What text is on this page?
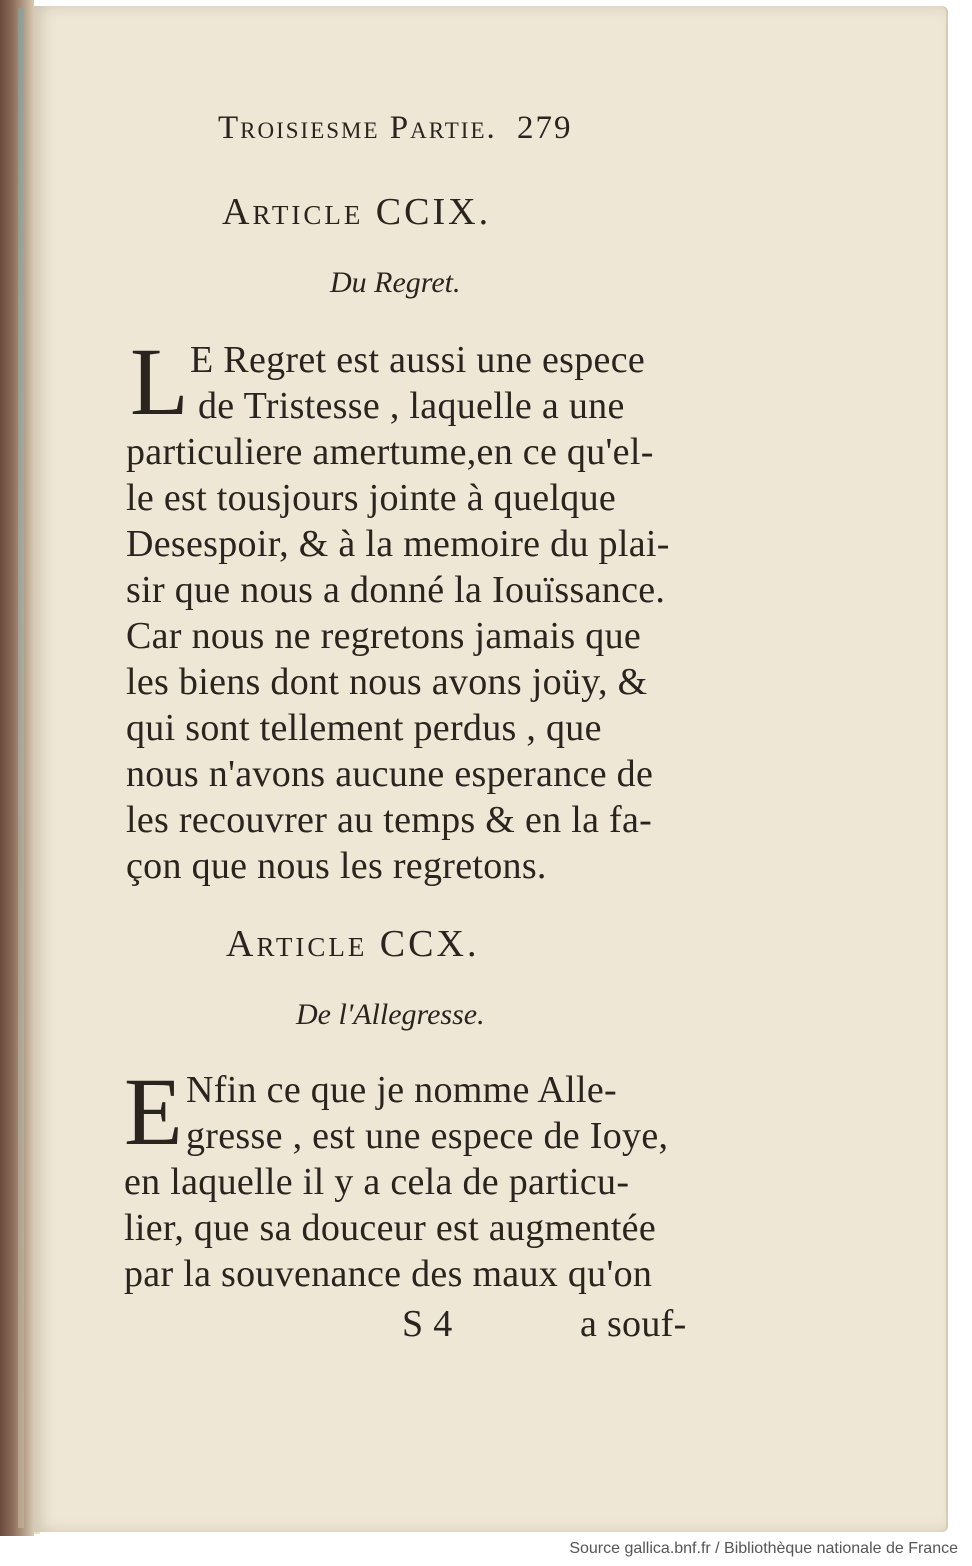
Troisiesme Partie. 279
Article CCIX.
Du Regret.
L E Regret est aussi une espece
de Tristesse , laquelle a une
particuliere amertume,en ce qu'el-
le est tousjours jointe à quelque
Desespoir, & à la memoire du plai-
sir que nous a donné la Iouïssance.
Car nous ne regretons jamais que
les biens dont nous avons joüy, &
qui sont tellement perdus , que
nous n'avons aucune esperance de
les recouvrer au temps & en la fa-
çon que nous les regretons.
Article CCX.
De l'Allegresse.
E Nfin ce que je nomme Alle-
gresse , est une espece de Ioye,
en laquelle il y a cela de particu-
lier, que sa douceur est augmentée
par la souvenance des maux qu'on
S 4	a souf-
Source gallica.bnf.fr / Bibliothèque nationale de France
